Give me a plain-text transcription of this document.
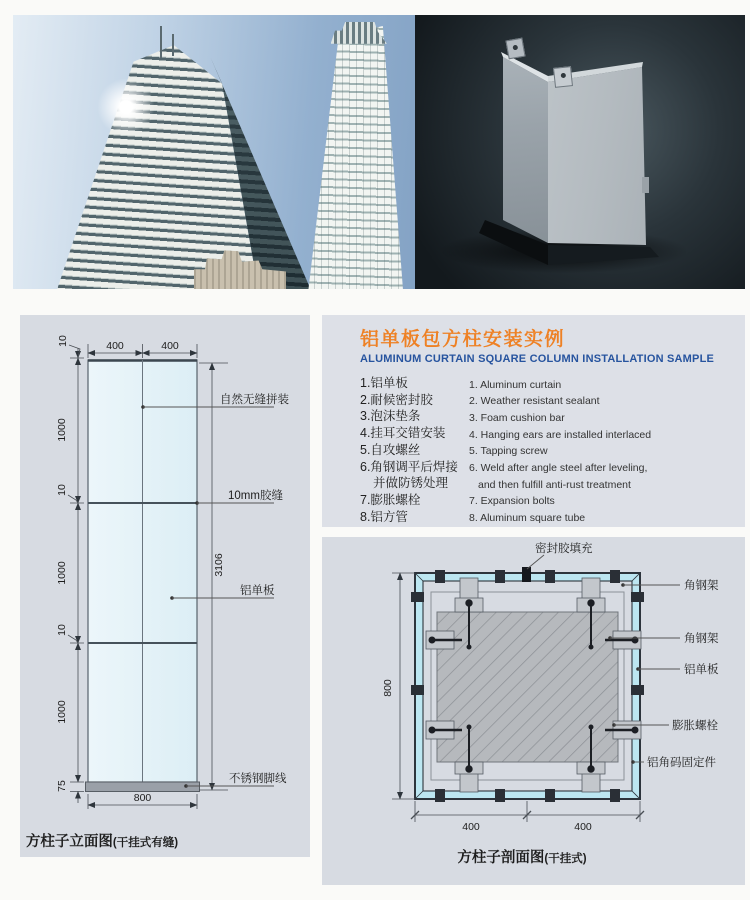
400	400
10
1000
10
1000
10
1000
75
3106
800
自然无缝拼装
10mm胶缝
铝单板
不锈钢脚线
方柱子立面图(干挂式有缝)
铝单板包方柱安装实例
ALUMINUM CURTAIN SQUARE COLUMN INSTALLATION SAMPLE
1.铝单板	1. Aluminum curtain
2.耐候密封胶	2. Weather resistant sealant
3.泡沫垫条	3. Foam cushion bar
4.挂耳交错安装	4. Hanging ears are installed interlaced
5.自攻螺丝	5. Tapping screw
6.角钢调平后焊接	6. Weld after angle steel after leveling,
并做防锈处理	and then fulfill anti-rust treatment
7.膨胀螺栓	7. Expansion bolts
8.铝方管	8. Aluminum square tube
800
400	400
密封胶填充
角钢架
角钢架
铝单板
膨胀螺栓
铝角码固定件
方柱子剖面图(干挂式)
